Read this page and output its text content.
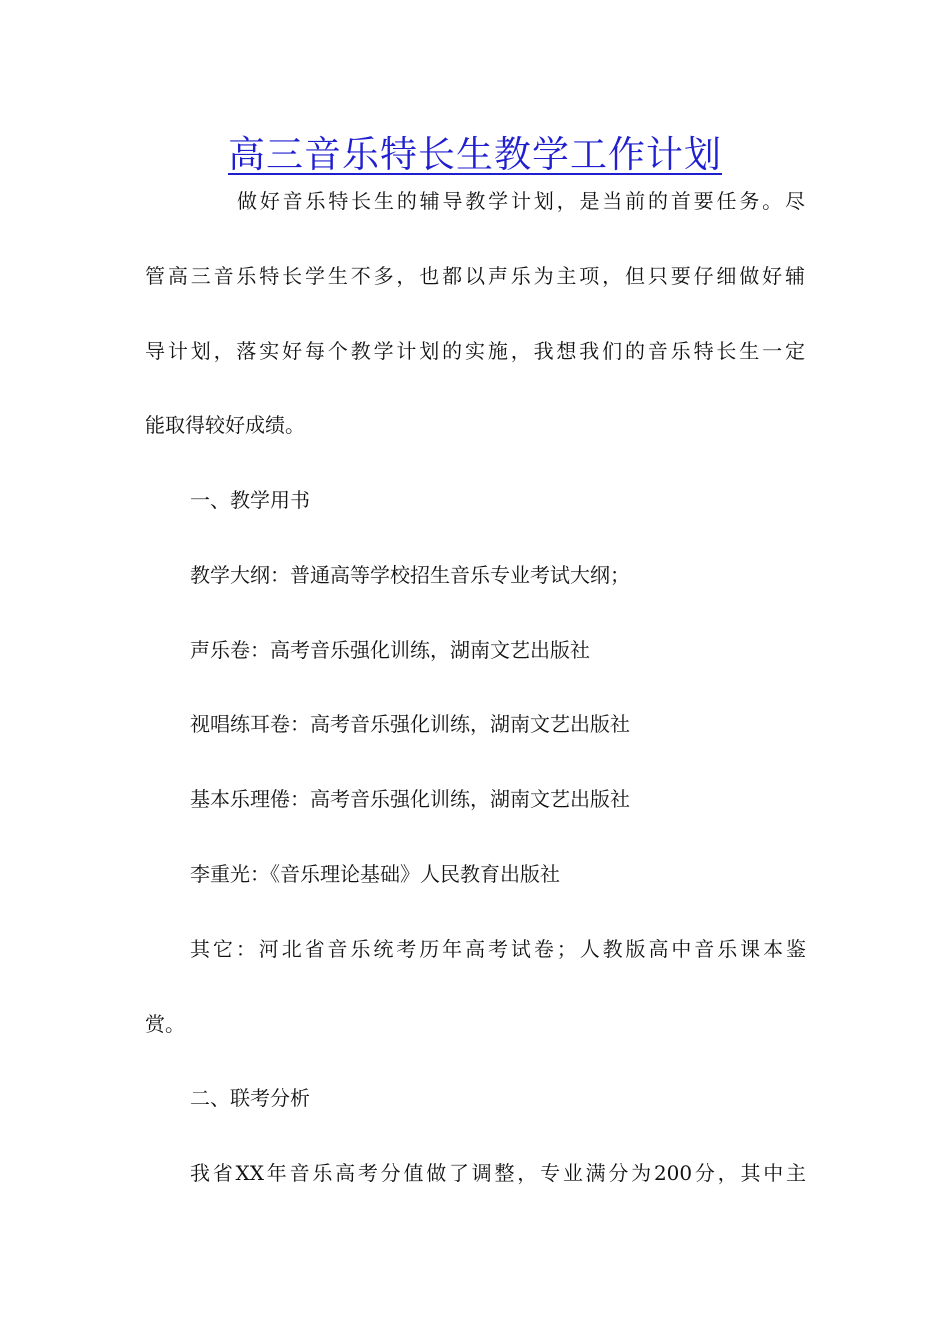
高三音乐特长生教学工作计划
做好音乐特长生的辅导教学计划，是当前的首要任务。尽
管高三音乐特长学生不多，也都以声乐为主项，但只要仔细做好辅
导计划，落实好每个教学计划的实施，我想我们的音乐特长生一定
能取得较好成绩。
一、教学用书
教学大纲：普通高等学校招生音乐专业考试大纲；
声乐卷：高考音乐强化训练，湖南文艺出版社
视唱练耳卷：高考音乐强化训练，湖南文艺出版社
基本乐理倦：高考音乐强化训练，湖南文艺出版社
李重光：《音乐理论基础》人民教育出版社
其它：河北省音乐统考历年高考试卷；人教版高中音乐课本鉴
赏。
二、联考分析
我省XX年音乐高考分值做了调整，专业满分为200分，其中主
